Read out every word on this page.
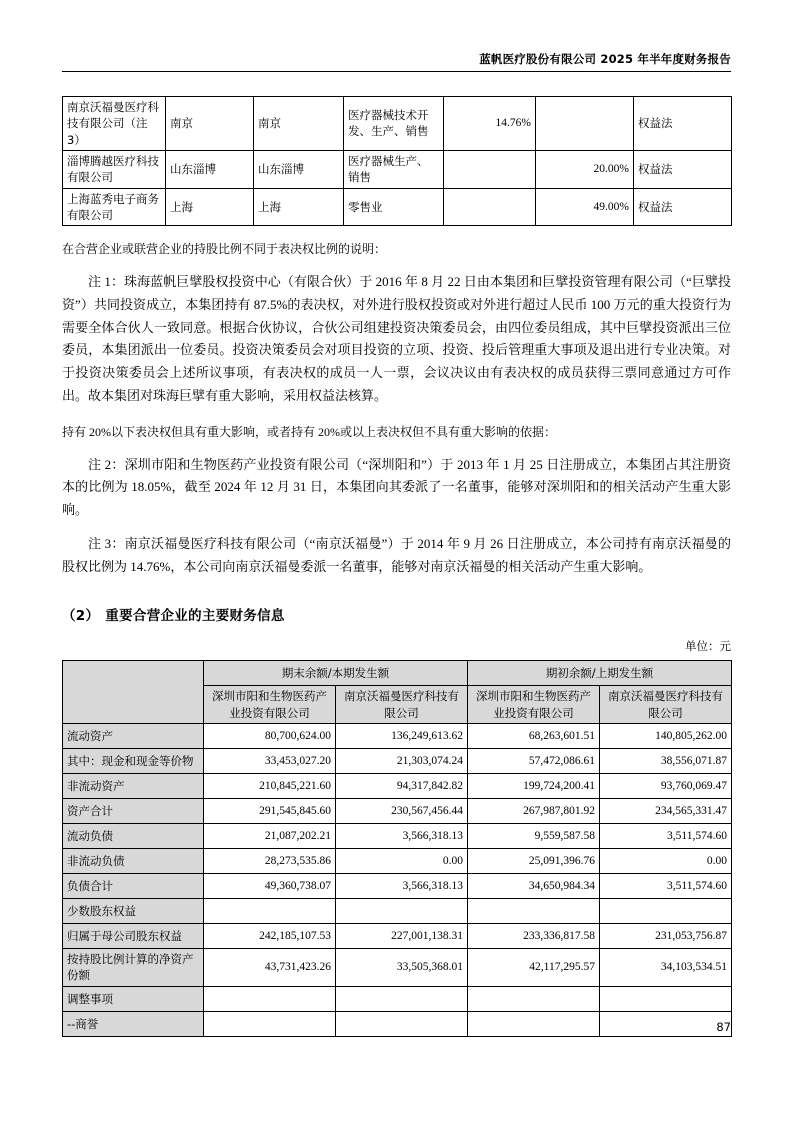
蓝帆医疗股份有限公司 2025 年半年度财务报告
南京沃福曼医疗科技有限公司（注 3）	南京	南京	医疗器械技术开发、生产、销售	14.76%		权益法
淄博腾越医疗科技有限公司	山东淄博	山东淄博	医疗器械生产、销售		20.00%	权益法
上海蓝秀电子商务有限公司	上海	上海	零售业		49.00%	权益法

在合营企业或联营企业的持股比例不同于表决权比例的说明：

注 1：珠海蓝帆巨擘股权投资中心（有限合伙）于 2016 年 8 月 22 日由本集团和巨擘投资管理有限公司（“巨擘投资”）共同投资成立，本集团持有 87.5%的表决权，对外进行股权投资或对外进行超过人民币 100 万元的重大投资行为需要全体合伙人一致同意。根据合伙协议，合伙公司组建投资决策委员会，由四位委员组成，其中巨擘投资派出三位委员，本集团派出一位委员。投资决策委员会对项目投资的立项、投资、投后管理重大事项及退出进行专业决策。对于投资决策委员会上述所议事项，有表决权的成员一人一票，会议决议由有表决权的成员获得三票同意通过方可作出。故本集团对珠海巨擘有重大影响，采用权益法核算。

持有 20%以下表决权但具有重大影响，或者持有 20%或以上表决权但不具有重大影响的依据：

注 2：深圳市阳和生物医药产业投资有限公司（“深圳阳和”）于 2013 年 1 月 25 日注册成立，本集团占其注册资本的比例为 18.05%，截至 2024 年 12 月 31 日，本集团向其委派了一名董事，能够对深圳阳和的相关活动产生重大影响。

注 3：南京沃福曼医疗科技有限公司（“南京沃福曼”）于 2014 年 9 月 26 日注册成立，本公司持有南京沃福曼的股权比例为 14.76%，本公司向南京沃福曼委派一名董事，能够对南京沃福曼的相关活动产生重大影响。

（2） 重要合营企业的主要财务信息
单位：元
	期末余额/本期发生额		期初余额/上期发生额	
	深圳市阳和生物医药产业投资有限公司	南京沃福曼医疗科技有限公司	深圳市阳和生物医药产业投资有限公司	南京沃福曼医疗科技有限公司
流动资产	80,700,624.00	136,249,613.62	68,263,601.51	140,805,262.00
其中：现金和现金等价物	33,453,027.20	21,303,074.24	57,472,086.61	38,556,071.87
非流动资产	210,845,221.60	94,317,842.82	199,724,200.41	93,760,069.47
资产合计	291,545,845.60	230,567,456.44	267,987,801.92	234,565,331.47
流动负债	21,087,202.21	3,566,318.13	9,559,587.58	3,511,574.60
非流动负债	28,273,535.86	0.00	25,091,396.76	0.00
负债合计	49,360,738.07	3,566,318.13	34,650,984.34	3,511,574.60
少数股东权益				
归属于母公司股东权益	242,185,107.53	227,001,138.31	233,336,817.58	231,053,756.87
按持股比例计算的净资产份额	43,731,423.26	33,505,368.01	42,117,295.57	34,103,534.51
调整事项				
--商誉					87
